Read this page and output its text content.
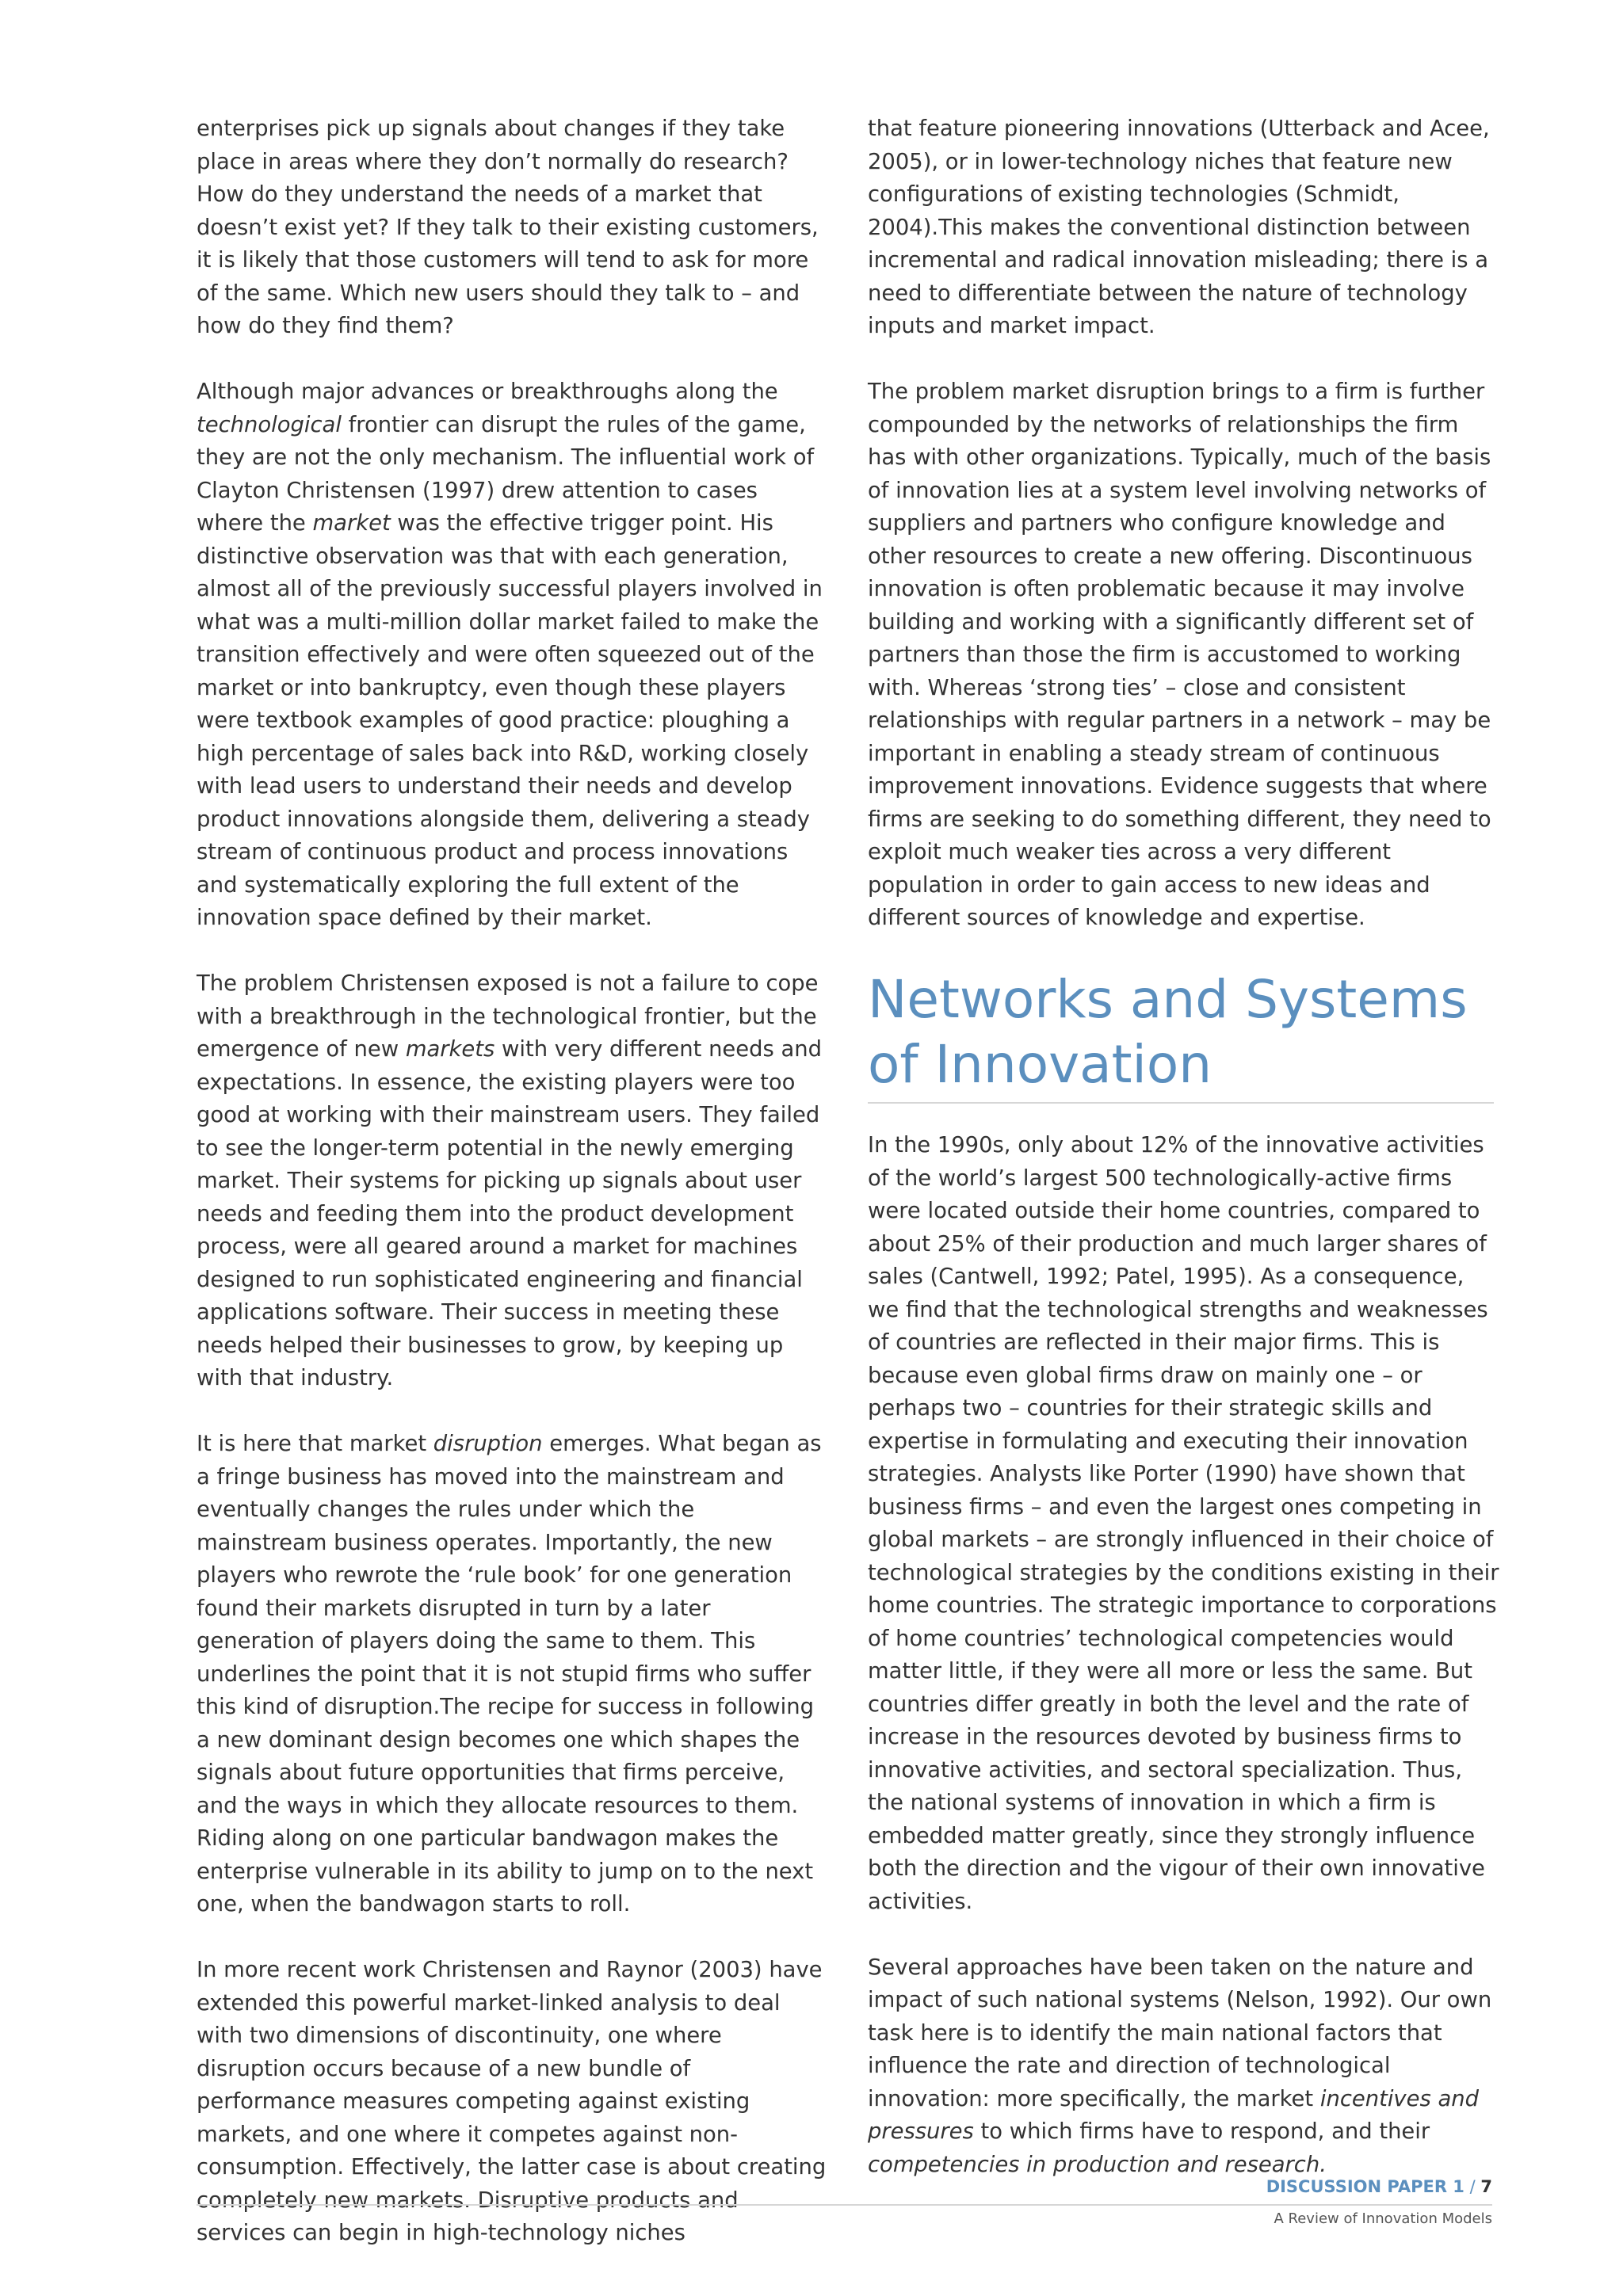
enterprises pick up signals about changes if they take place in areas where they don’t normally do research? How do they understand the needs of a market that doesn’t exist yet? If they talk to their existing customers, it is likely that those customers will tend to ask for more of the same. Which new users should they talk to – and how do they find them?

Although major advances or breakthroughs along the technological frontier can disrupt the rules of the game, they are not the only mechanism. The influential work of Clayton Christensen (1997) drew attention to cases where the market was the effective trigger point. His distinctive observation was that with each generation, almost all of the previously successful players involved in what was a multi-million dollar market failed to make the transition effectively and were often squeezed out of the market or into bankruptcy, even though these players were textbook examples of good practice: ploughing a high percentage of sales back into R&D, working closely with lead users to understand their needs and develop product innovations alongside them, delivering a steady stream of continuous product and process innovations and systematically exploring the full extent of the innovation space defined by their market.

The problem Christensen exposed is not a failure to cope with a breakthrough in the technological frontier, but the emergence of new markets with very different needs and expectations. In essence, the existing players were too good at working with their mainstream users. They failed to see the longer-term potential in the newly emerging market. Their systems for picking up signals about user needs and feeding them into the product development process, were all geared around a market for machines designed to run sophisticated engineering and financial applications software. Their success in meeting these needs helped their businesses to grow, by keeping up with that industry.

It is here that market disruption emerges. What began as a fringe business has moved into the mainstream and eventually changes the rules under which the mainstream business operates. Importantly, the new players who rewrote the ‘rule book’ for one generation found their markets disrupted in turn by a later generation of players doing the same to them. This underlines the point that it is not stupid firms who suffer this kind of disruption.The recipe for success in following a new dominant design becomes one which shapes the signals about future opportunities that firms perceive, and the ways in which they allocate resources to them. Riding along on one particular bandwagon makes the enterprise vulnerable in its ability to jump on to the next one, when the bandwagon starts to roll.

In more recent work Christensen and Raynor (2003) have extended this powerful market-linked analysis to deal with two dimensions of discontinuity, one where disruption occurs because of a new bundle of performance measures competing against existing markets, and one where it competes against non-consumption. Effectively, the latter case is about creating completely new markets. Disruptive products and services can begin in high-technology niches

that feature pioneering innovations (Utterback and Acee, 2005), or in lower-technology niches that feature new configurations of existing technologies (Schmidt, 2004).This makes the conventional distinction between incremental and radical innovation misleading; there is a need to differentiate between the nature of technology inputs and market impact.

The problem market disruption brings to a firm is further compounded by the networks of relationships the firm has with other organizations. Typically, much of the basis of innovation lies at a system level involving networks of suppliers and partners who configure knowledge and other resources to create a new offering. Discontinuous innovation is often problematic because it may involve building and working with a significantly different set of partners than those the firm is accustomed to working with. Whereas ‘strong ties’ – close and consistent relationships with regular partners in a network – may be important in enabling a steady stream of continuous improvement innovations. Evidence suggests that where firms are seeking to do something different, they need to exploit much weaker ties across a very different population in order to gain access to new ideas and different sources of knowledge and expertise.

Networks and Systems
of Innovation

In the 1990s, only about 12% of the innovative activities of the world’s largest 500 technologically-active firms were located outside their home countries, compared to about 25% of their production and much larger shares of sales (Cantwell, 1992; Patel, 1995). As a consequence, we find that the technological strengths and weaknesses of countries are reflected in their major firms. This is because even global firms draw on mainly one – or perhaps two – countries for their strategic skills and expertise in formulating and executing their innovation strategies. Analysts like Porter (1990) have shown that business firms – and even the largest ones competing in global markets – are strongly influenced in their choice of technological strategies by the conditions existing in their home countries. The strategic importance to corporations of home countries’ technological competencies would matter little, if they were all more or less the same. But countries differ greatly in both the level and the rate of increase in the resources devoted by business firms to innovative activities, and sectoral specialization. Thus, the national systems of innovation in which a firm is embedded matter greatly, since they strongly influence both the direction and the vigour of their own innovative activities.

Several approaches have been taken on the nature and impact of such national systems (Nelson, 1992). Our own task here is to identify the main national factors that influence the rate and direction of technological innovation: more specifically, the market incentives and pressures to which firms have to respond, and their competencies in production and research.

DISCUSSION PAPER 1 / 7
A Review of Innovation Models
